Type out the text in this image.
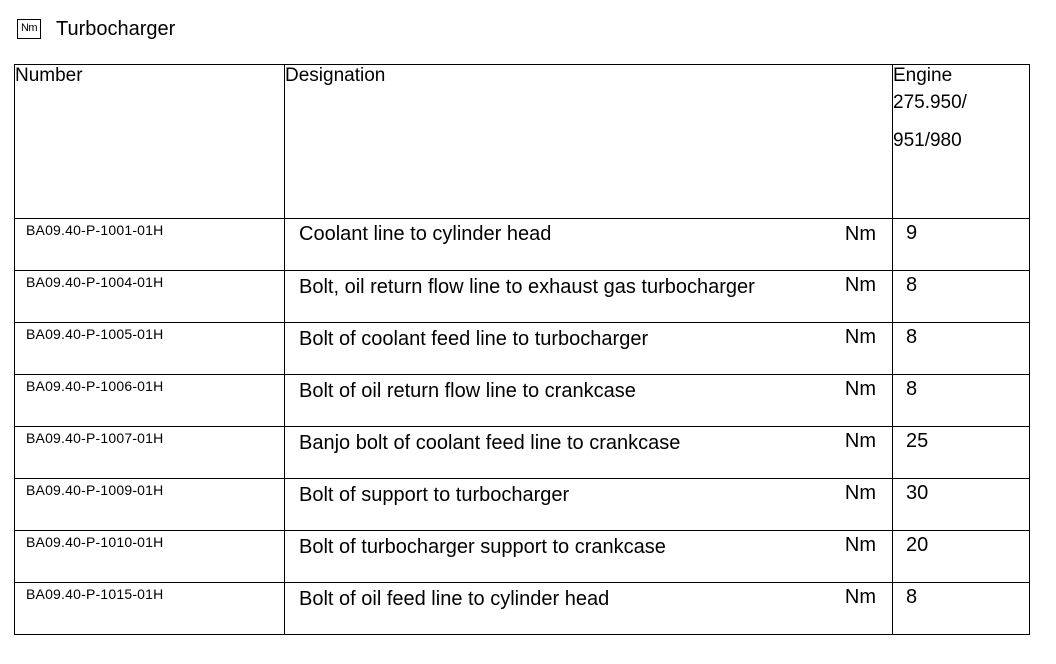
Nm Turbocharger
Number	Designation	Engine
275.950/
951/980

BA09.40-P-1001-01H	Coolant line to cylinder head Nm	9
BA09.40-P-1004-01H	Bolt, oil return flow line to exhaust gas turbocharger Nm	8
BA09.40-P-1005-01H	Bolt of coolant feed line to turbocharger Nm	8
BA09.40-P-1006-01H	Bolt of oil return flow line to crankcase Nm	8
BA09.40-P-1007-01H	Banjo bolt of coolant feed line to crankcase Nm	25
BA09.40-P-1009-01H	Bolt of support to turbocharger Nm	30
BA09.40-P-1010-01H	Bolt of turbocharger support to crankcase Nm	20
BA09.40-P-1015-01H	Bolt of oil feed line to cylinder head Nm	8
